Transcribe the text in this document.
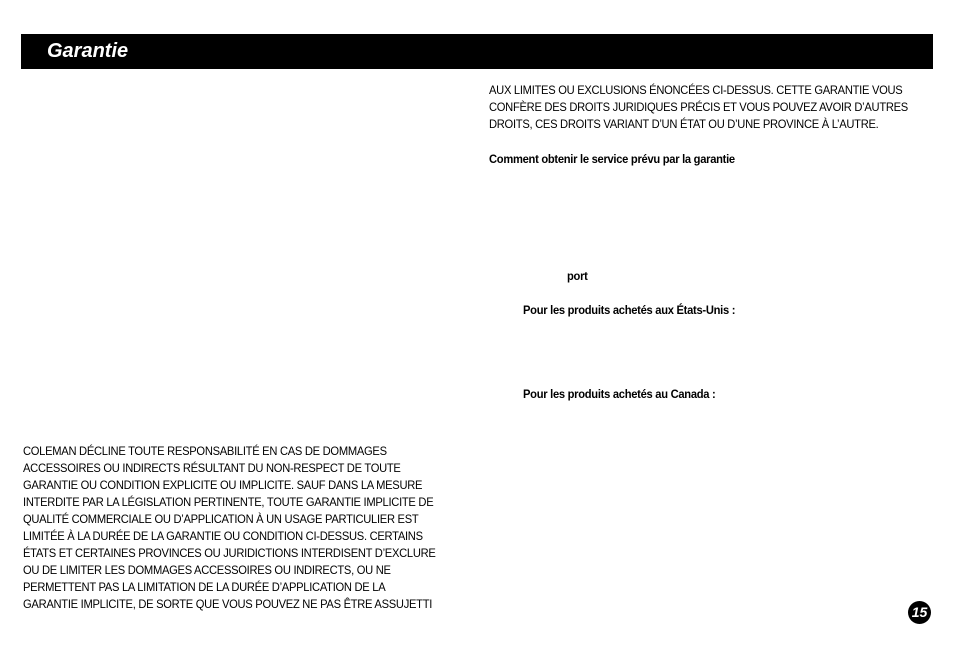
Garantie
AUX LIMITES OU EXCLUSIONS ÉNONCÉES CI-DESSUS. CETTE GARANTIE VOUS
CONFÈRE DES DROITS JURIDIQUES PRÉCIS ET VOUS POUVEZ AVOIR D’AUTRES
DROITS, CES DROITS VARIANT D’UN ÉTAT OU D’UNE PROVINCE À L’AUTRE.
Comment obtenir le service prévu par la garantie
port
Pour les produits achetés aux États-Unis :
Pour les produits achetés au Canada :
COLEMAN DÉCLINE TOUTE RESPONSABILITÉ EN CAS DE DOMMAGES
ACCESSOIRES OU INDIRECTS RÉSULTANT DU NON-RESPECT DE TOUTE
GARANTIE OU CONDITION EXPLICITE OU IMPLICITE. SAUF DANS LA MESURE
INTERDITE PAR LA LÉGISLATION PERTINENTE, TOUTE GARANTIE IMPLICITE DE
QUALITÉ COMMERCIALE OU D’APPLICATION À UN USAGE PARTICULIER EST
LIMITÉE À LA DURÉE DE LA GARANTIE OU CONDITION CI-DESSUS. CERTAINS
ÉTATS ET CERTAINES PROVINCES OU JURIDICTIONS INTERDISENT D’EXCLURE
OU DE LIMITER LES DOMMAGES ACCESSOIRES OU INDIRECTS, OU NE
PERMETTENT PAS LA LIMITATION DE LA DURÉE D’APPLICATION DE LA
GARANTIE IMPLICITE, DE SORTE QUE VOUS POUVEZ NE PAS ÊTRE ASSUJETTI	15
